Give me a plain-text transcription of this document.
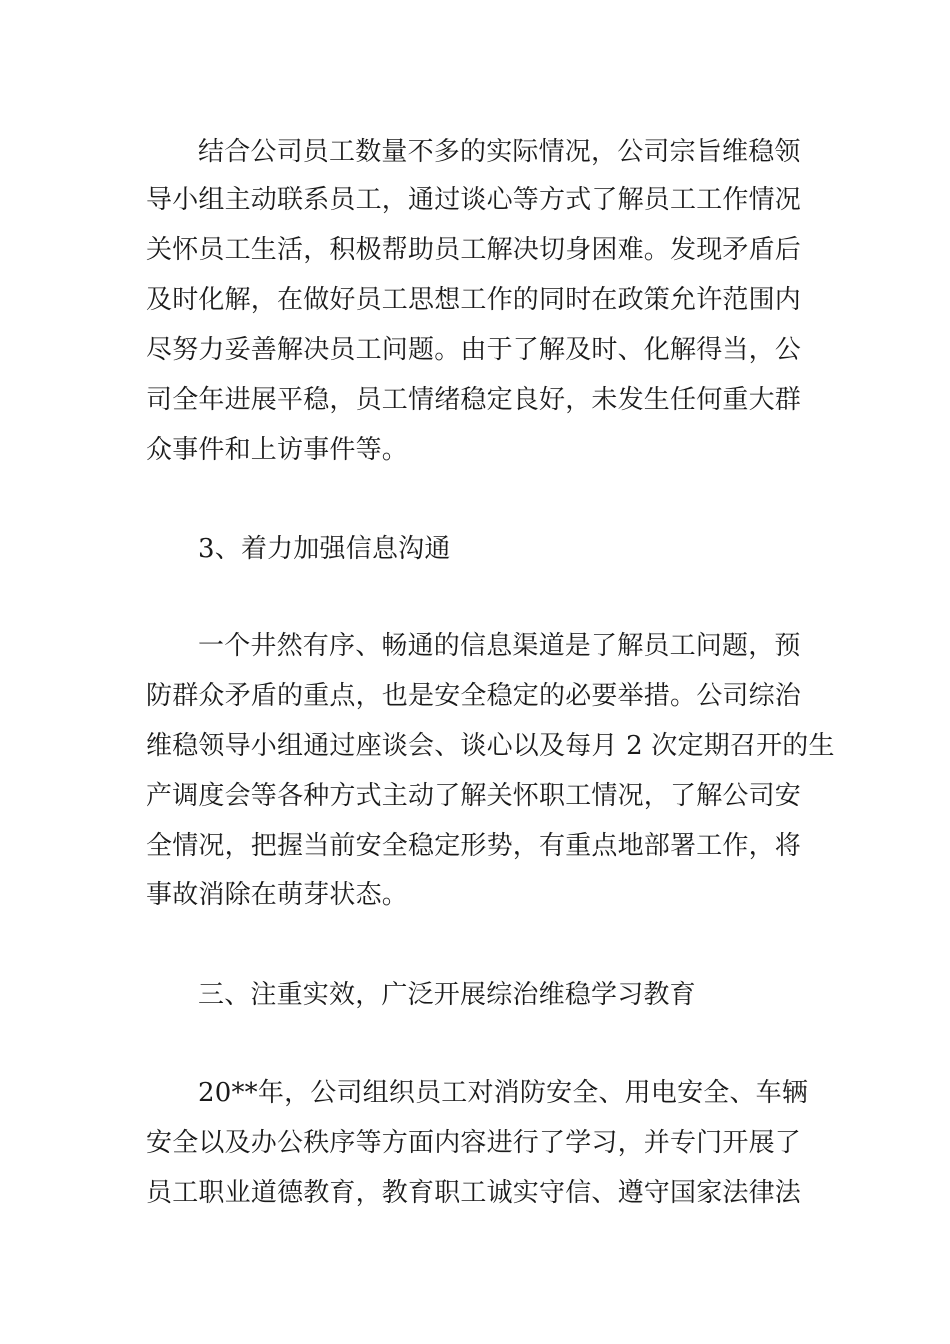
结合公司员工数量不多的实际情况，公司宗旨维稳领
导小组主动联系员工，通过谈心等方式了解员工工作情况
关怀员工生活，积极帮助员工解决切身困难。发现矛盾后
及时化解，在做好员工思想工作的同时在政策允许范围内
尽努力妥善解决员工问题。由于了解及时、化解得当，公
司全年进展平稳，员工情绪稳定良好，未发生任何重大群
众事件和上访事件等。
3、着力加强信息沟通
一个井然有序、畅通的信息渠道是了解员工问题，预
防群众矛盾的重点，也是安全稳定的必要举措。公司综治
维稳领导小组通过座谈会、谈心以及每月 2 次定期召开的生
产调度会等各种方式主动了解关怀职工情况，了解公司安
全情况，把握当前安全稳定形势，有重点地部署工作，将
事故消除在萌芽状态。
三、注重实效，广泛开展综治维稳学习教育
20**年，公司组织员工对消防安全、用电安全、车辆
安全以及办公秩序等方面内容进行了学习，并专门开展了
员工职业道德教育，教育职工诚实守信、遵守国家法律法
